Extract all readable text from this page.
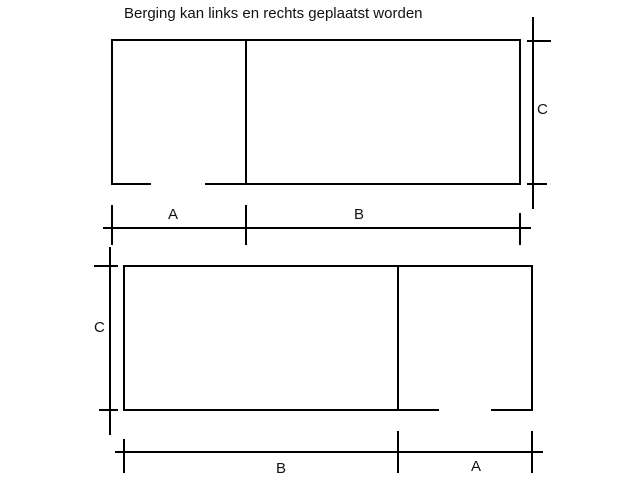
Berging kan links en rechts geplaatst worden
C
A	B
C
B	A
